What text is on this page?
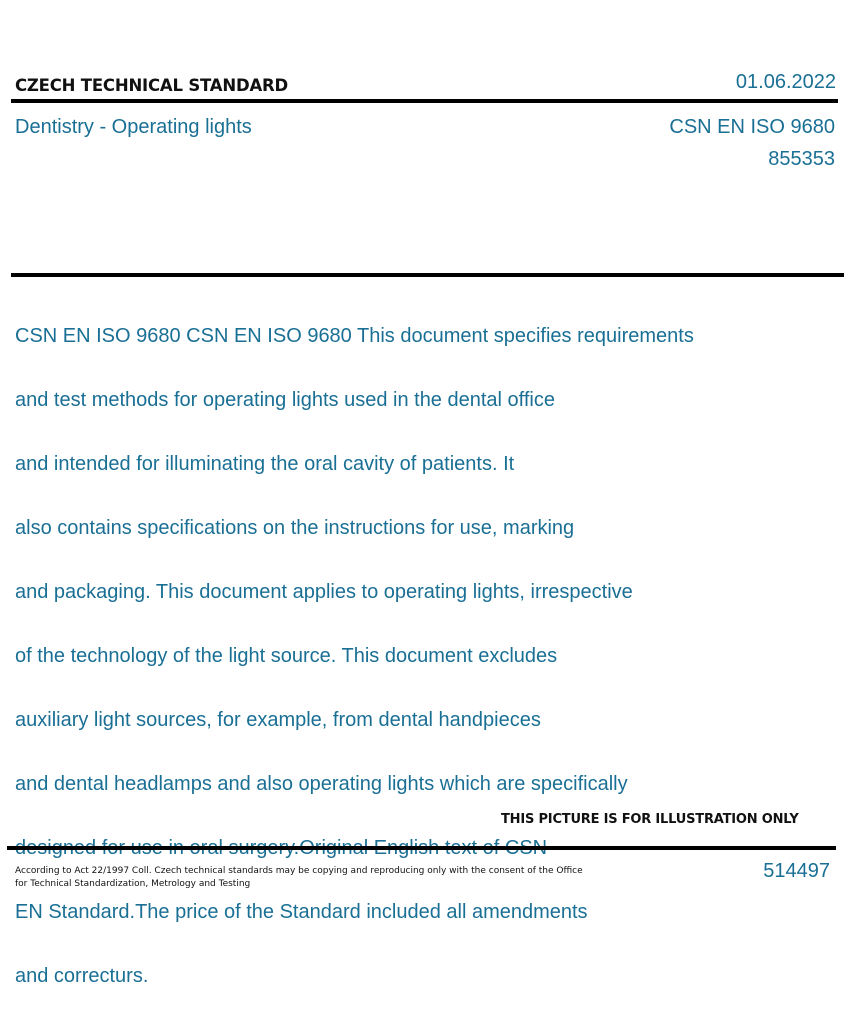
CZECH TECHNICAL STANDARD	01.06.2022
Dentistry - Operating lights	CSN EN ISO 9680
855353

CSN EN ISO 9680 CSN EN ISO 9680 This document specifies requirements

and test methods for operating lights used in the dental office

and intended for illuminating the oral cavity of patients. It

also contains specifications on the instructions for use, marking

and packaging. This document applies to operating lights, irrespective

of the technology of the light source. This document excludes

auxiliary light sources, for example, from dental handpieces

and dental headlamps and also operating lights which are specifically

designed for use in oral surgery.Original English text of CSN

EN Standard.The price of the Standard included all amendments

and correcturs.

THIS PICTURE IS FOR ILLUSTRATION ONLY
According to Act 22/1997 Coll. Czech technical standards may be copying and reproducing only with the consent of the Office
for Technical Standardization, Metrology and Testing
514497
